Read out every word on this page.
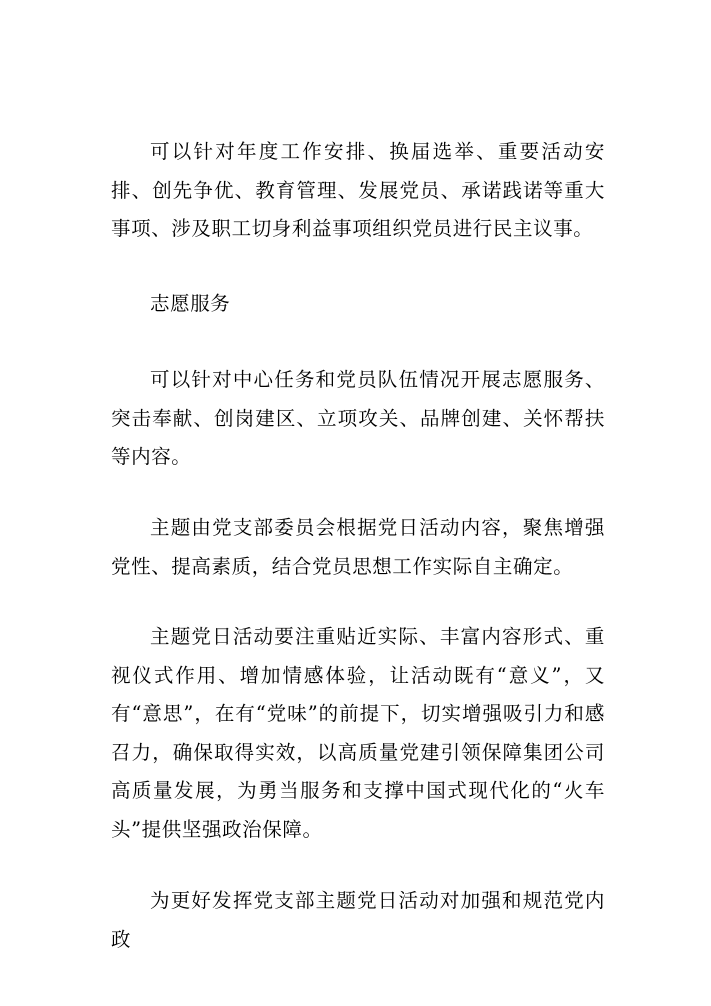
可以针对年度工作安排、换届选举、重要活动安排、创先争优、教育管理、发展党员、承诺践诺等重大事项、涉及职工切身利益事项组织党员进行民主议事。

志愿服务

可以针对中心任务和党员队伍情况开展志愿服务、突击奉献、创岗建区、立项攻关、品牌创建、关怀帮扶等内容。

主题由党支部委员会根据党日活动内容，聚焦增强党性、提高素质，结合党员思想工作实际自主确定。

主题党日活动要注重贴近实际、丰富内容形式、重视仪式作用、增加情感体验，让活动既有“意义”，又有“意思”，在有“党味”的前提下，切实增强吸引力和感召力，确保取得实效，以高质量党建引领保障集团公司高质量发展，为勇当服务和支撑中国式现代化的“火车头”提供坚强政治保障。

为更好发挥党支部主题党日活动对加强和规范党内政
